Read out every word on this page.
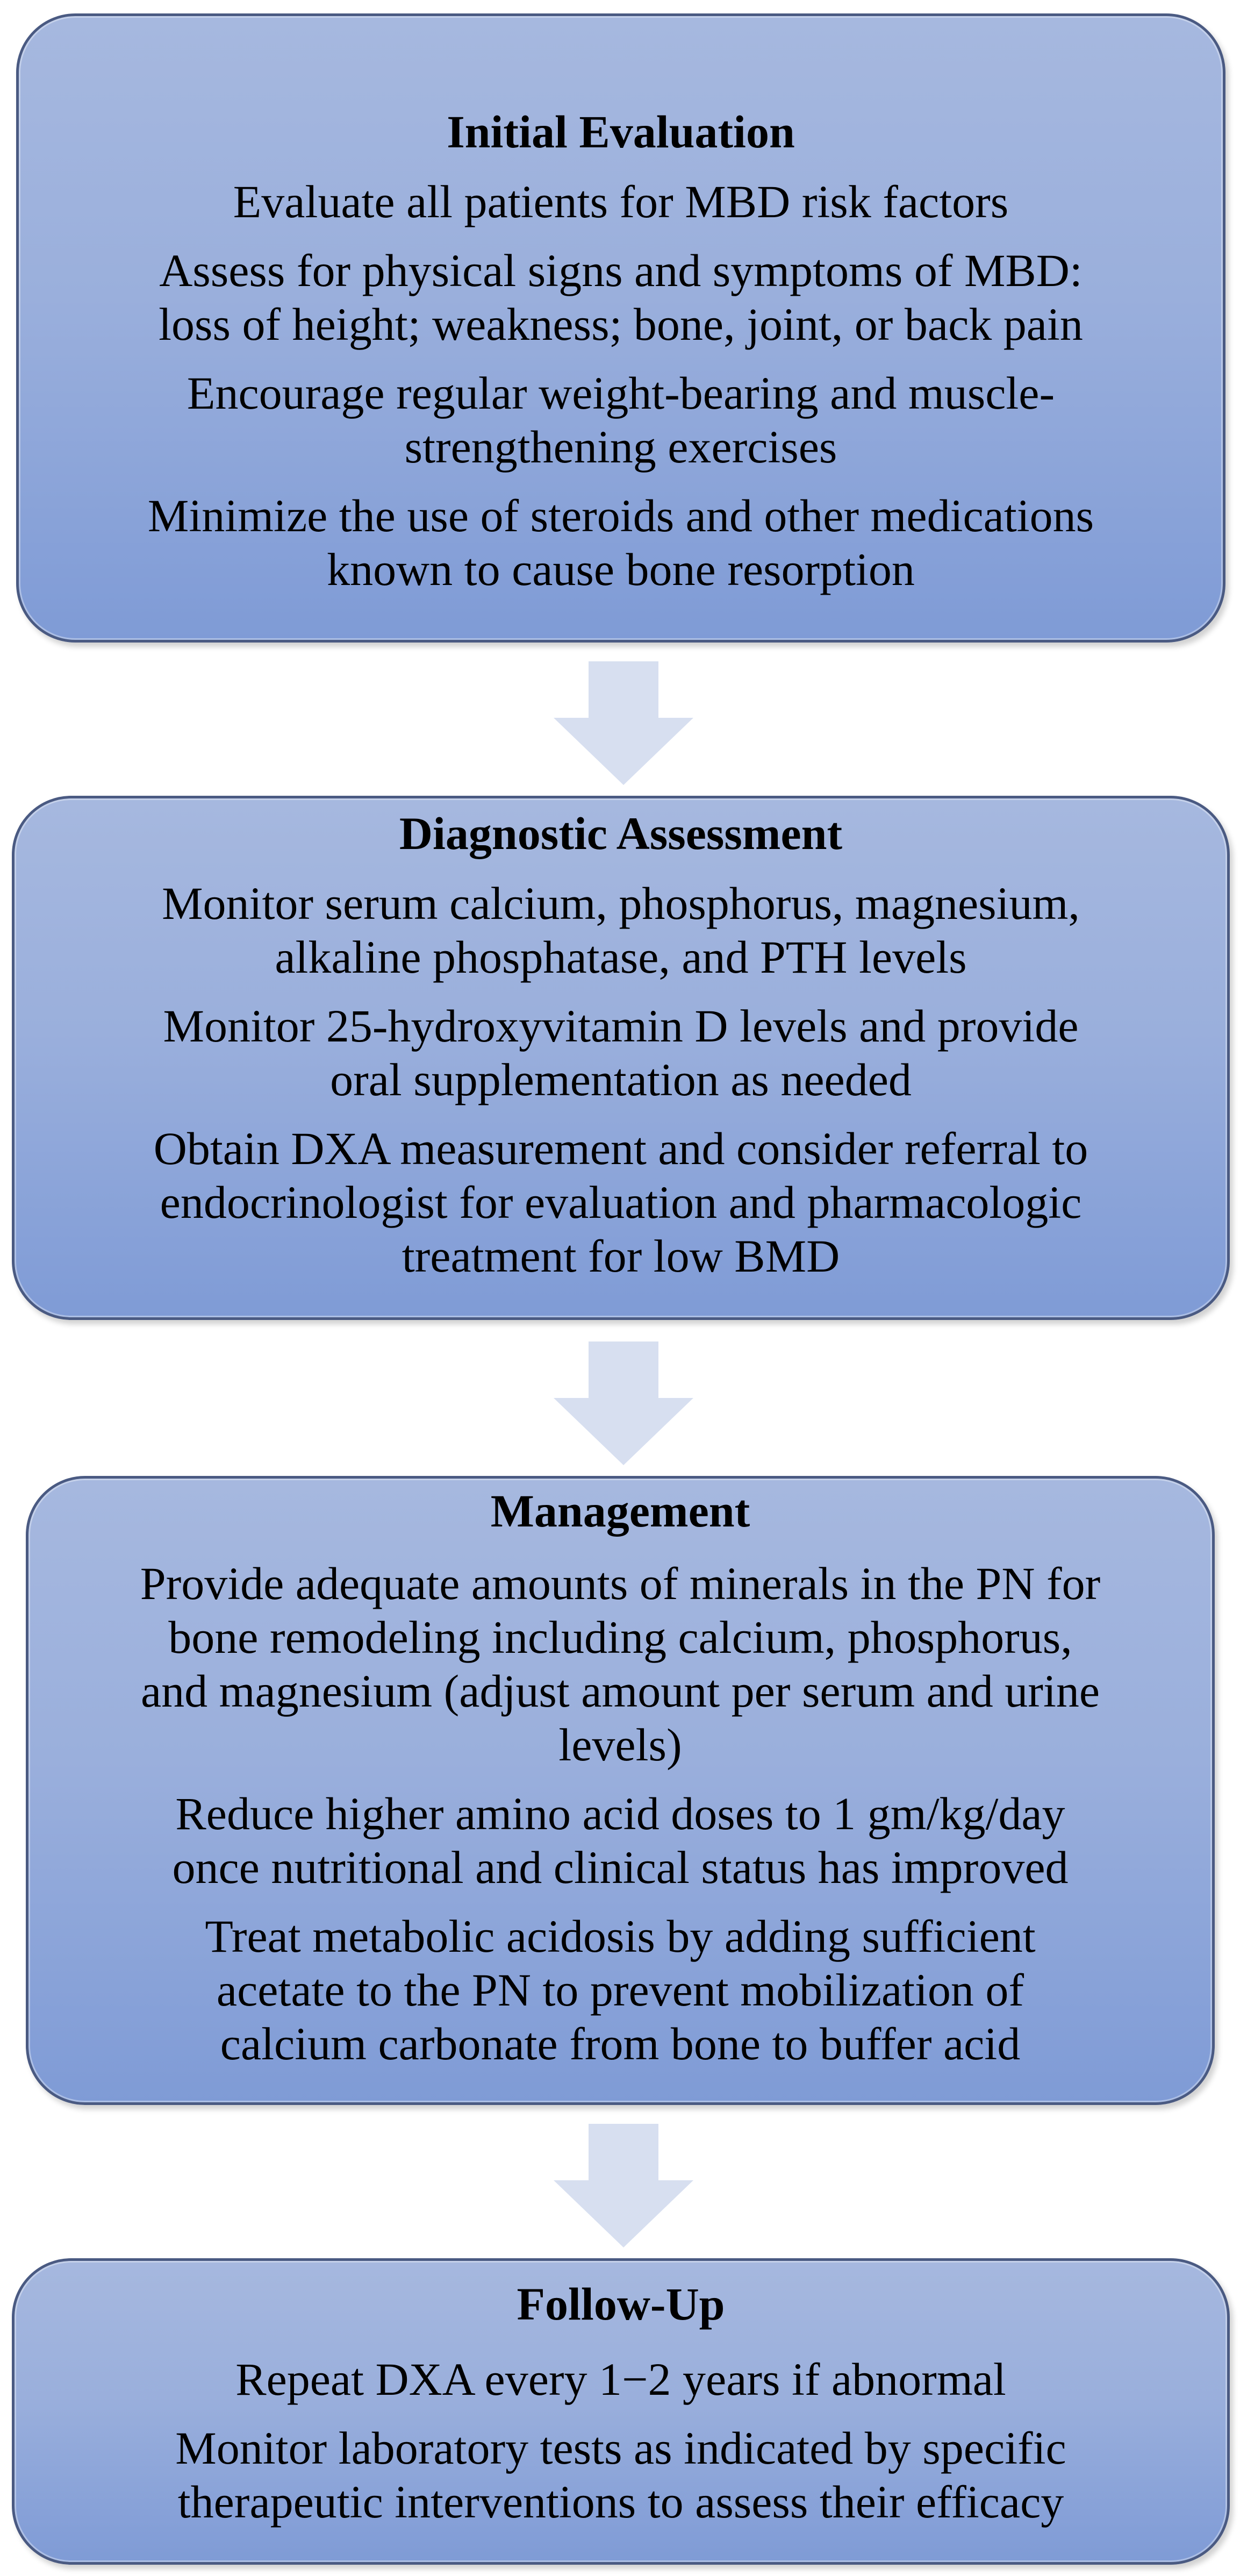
Initial Evaluation

Evaluate all patients for MBD risk factors

Assess for physical signs and symptoms of MBD:

loss of height; weakness; bone, joint, or back pain

Encourage regular weight-bearing and muscle-

strengthening exercises

Minimize the use of steroids and other medications

known to cause bone resorption

Diagnostic Assessment

Monitor serum calcium, phosphorus, magnesium,

alkaline phosphatase, and PTH levels

Monitor 25-hydroxyvitamin D levels and provide

oral supplementation as needed

Obtain DXA measurement and consider referral to

endocrinologist for evaluation and pharmacologic

treatment for low BMD

Management

Provide adequate amounts of minerals in the PN for

bone remodeling including calcium, phosphorus,

and magnesium (adjust amount per serum and urine

levels)

Reduce higher amino acid doses to 1 gm/kg/day

once nutritional and clinical status has improved

Treat metabolic acidosis by adding sufficient

acetate to the PN to prevent mobilization of

calcium carbonate from bone to buffer acid

Follow-Up

Repeat DXA every 1−2 years if abnormal

Monitor laboratory tests as indicated by specific

therapeutic interventions to assess their efficacy
